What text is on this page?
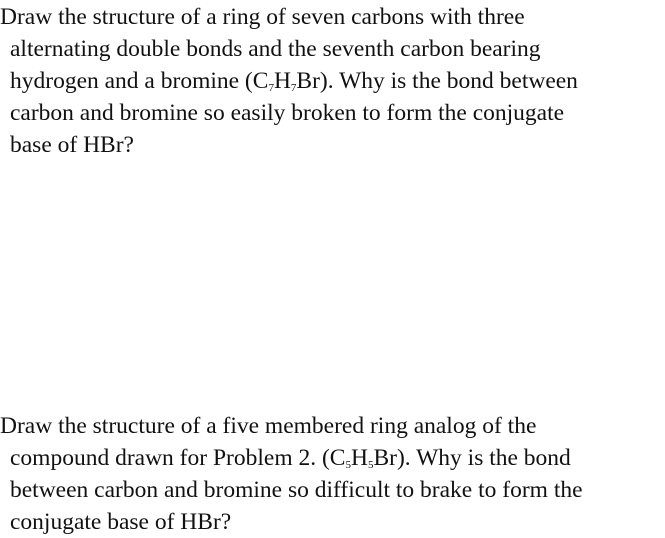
Draw the structure of a ring of seven carbons with three
alternating double bonds and the seventh carbon bearing
hydrogen and a bromine $(C_7H_7Br)$. Why is the bond between
carbon and bromine so easily broken to form the conjugate
base of HBr?
Draw the structure of a five membered ring analog of the
compound drawn for Problem 2. $(C_5H_5Br)$. Why is the bond
between carbon and bromine so difficult to brake to form the
conjugate base of HBr?
